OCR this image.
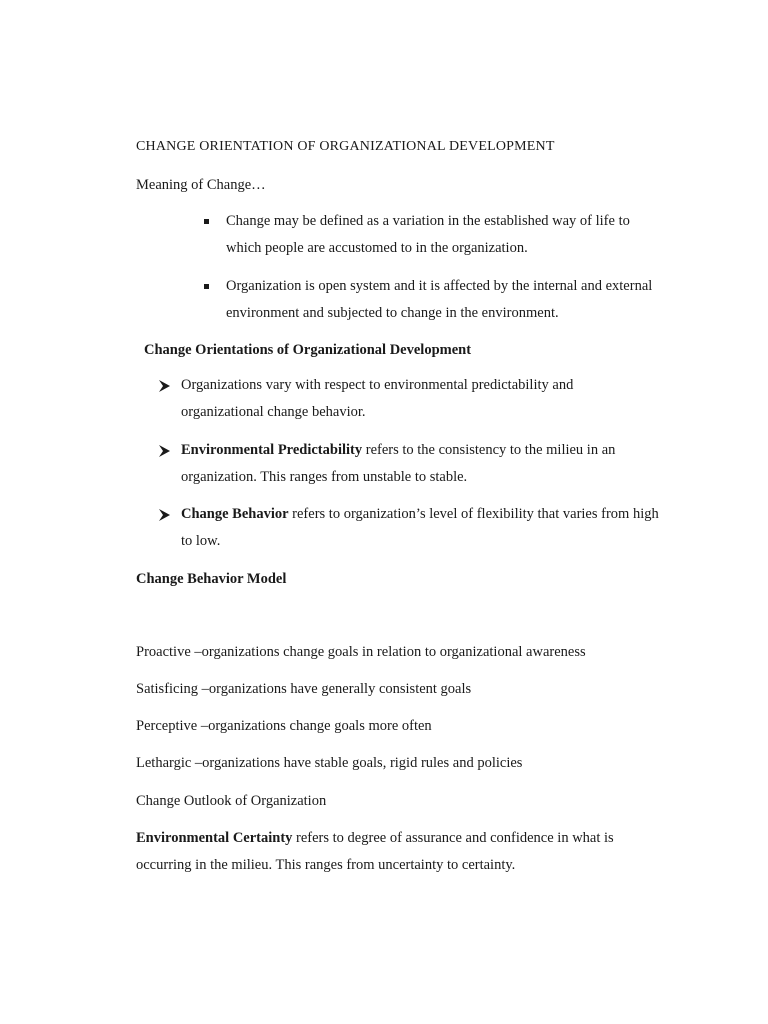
CHANGE ORIENTATION OF ORGANIZATIONAL DEVELOPMENT
Meaning of Change…
Change may be defined as a variation in the established way of life to
which people are accustomed to in the organization.
Organization is open system and it is affected by the internal and external
environment and subjected to change in the environment.
Change Orientations of Organizational Development
Organizations vary with respect to environmental predictability and
organizational change behavior.
Environmental Predictability refers to the consistency to the milieu in an
organization. This ranges from unstable to stable.
Change Behavior refers to organization’s level of flexibility that varies from high
to low.
Change Behavior Model
Proactive –organizations change goals in relation to organizational awareness
Satisficing –organizations have generally consistent goals
Perceptive –organizations change goals more often
Lethargic –organizations have stable goals, rigid rules and policies
Change Outlook of Organization
Environmental Certainty refers to degree of assurance and confidence in what is
occurring in the milieu. This ranges from uncertainty to certainty.
